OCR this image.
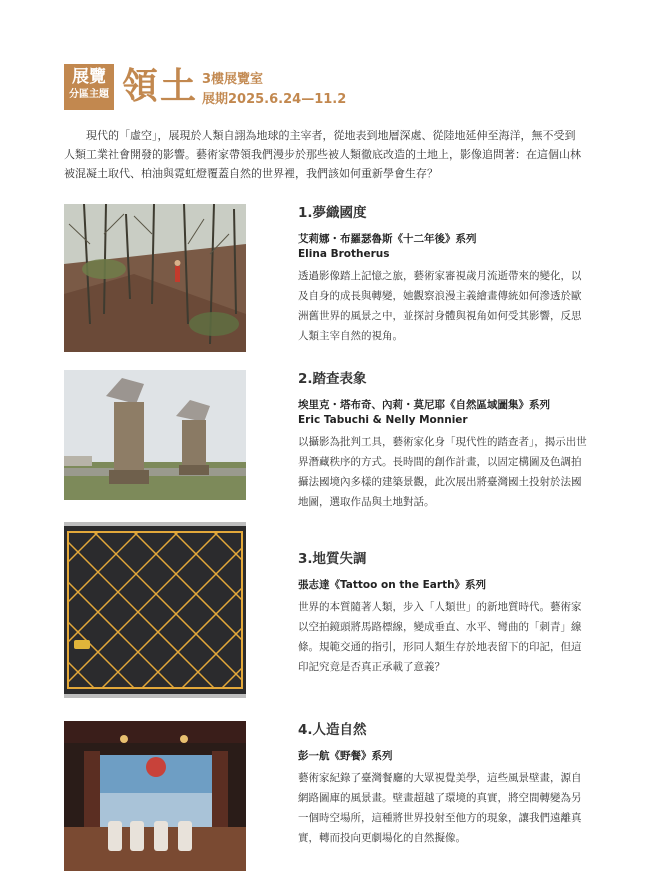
展覽
分區主題 領土 3樓展覽室
展期2025.6.24—11.2

現代的「虛空」，展現於人類自詡為地球的主宰者，從地表到地層深處、從陸地延伸至海洋，無不受到人類工業社會開發的影響。藝術家帶領我們漫步於那些被人類徹底改造的土地上，影像追問著：在這個山林被混凝土取代、柏油與霓虹燈覆蓋自然的世界裡，我們該如何重新學會生存？

1.夢織國度
艾莉娜・布羅瑟魯斯《十二年後》系列
Elina Brotherus
透過影像踏上記憶之旅，藝術家審視歲月流逝帶來的變化，以及自身的成長與轉變，她觀察浪漫主義繪畫傳統如何滲透於歐洲舊世界的風景之中，並探討身體與視角如何受其影響，反思人類主宰自然的視角。
2.踏查表象
埃里克・塔布奇、內莉・莫尼耶《自然區域圖集》系列
Eric Tabuchi & Nelly Monnier
以攝影為批判工具，藝術家化身「現代性的踏查者」，揭示出世界潛藏秩序的方式。長時間的創作計畫，以固定構圖及色調拍攝法國境內多樣的建築景觀，此次展出將臺灣國土投射於法國地圖，選取作品與土地對話。
3.地質失調
張志達《Tattoo on the Earth》系列
世界的本質隨著人類，步入「人類世」的新地質時代。藝術家以空拍鏡頭將馬路標線，變成垂直、水平、彎曲的「刺青」線條。規範交通的指引，形同人類生存於地表留下的印記，但這印記究竟是否真正承載了意義？
4.人造自然
彭一航《野餐》系列
藝術家紀錄了臺灣餐廳的大眾視覺美學，這些風景壁畫，源自網路圖庫的風景畫。壁畫超越了環境的真實，將空間轉變為另一個時空場所，這種將世界投射至他方的現象，讓我們遠離真實，轉而投向更劇場化的自然擬像。
